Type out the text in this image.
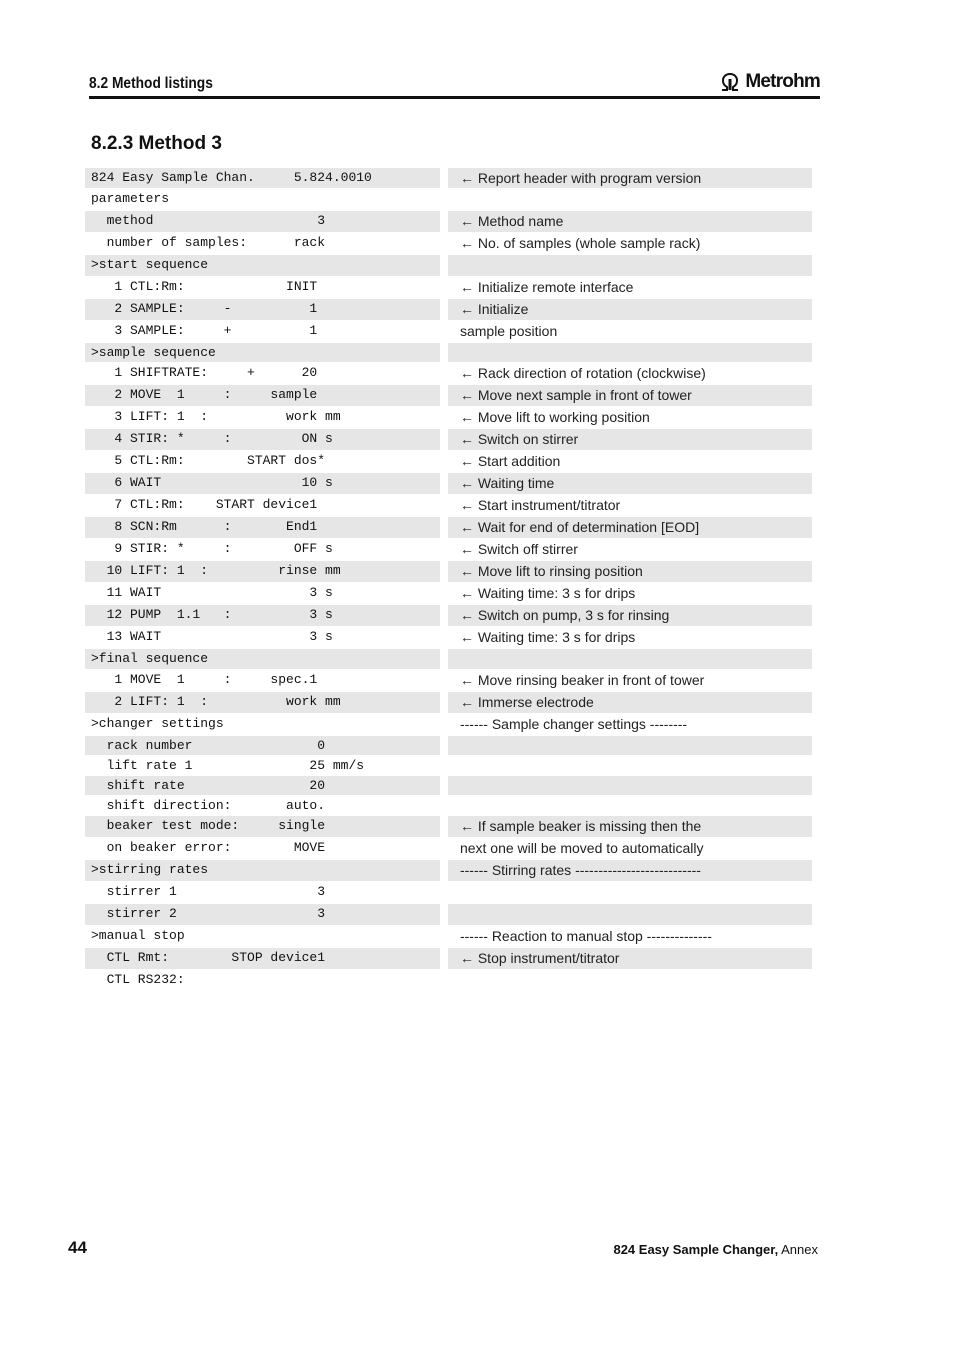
8.2 Method listings	Metrohm
8.2.3 Method 3
824 Easy Sample Chan.     5.824.0010	← Report header with program version
parameters
method                     3	← Method name
number of samples:      rack	← No. of samples (whole sample rack)
>start sequence
1 CTL:Rm:             INIT	← Initialize remote interface
2 SAMPLE:     -          1	← Initialize
3 SAMPLE:     +          1	sample position
>sample sequence
1 SHIFTRATE:     +      20	← Rack direction of rotation (clockwise)
2 MOVE  1     :     sample	← Move next sample in front of tower
3 LIFT: 1  :          work mm	← Move lift to working position
4 STIR: *     :         ON s	← Switch on stirrer
5 CTL:Rm:        START dos*	← Start addition
6 WAIT                  10 s	← Waiting time
7 CTL:Rm:    START device1	← Start instrument/titrator
8 SCN:Rm      :       End1	← Wait for end of determination [EOD]
9 STIR: *     :        OFF s	← Switch off stirrer
10 LIFT: 1  :         rinse mm	← Move lift to rinsing position
11 WAIT                   3 s	← Waiting time: 3 s for drips
12 PUMP  1.1   :          3 s	← Switch on pump, 3 s for rinsing
13 WAIT                   3 s	← Waiting time: 3 s for drips
>final sequence
1 MOVE  1     :     spec.1	← Move rinsing beaker in front of tower
2 LIFT: 1  :          work mm	← Immerse electrode
>changer settings	------ Sample changer settings --------
rack number                0
lift rate 1               25 mm/s
shift rate                20
shift direction:       auto.
beaker test mode:     single	← If sample beaker is missing then the
on beaker error:        MOVE	next one will be moved to automatically
>stirring rates	------ Stirring rates ---------------------------
stirrer 1                  3
stirrer 2                  3
>manual stop	------ Reaction to manual stop --------------
CTL Rmt:        STOP device1	← Stop instrument/titrator
CTL RS232:
44	824 Easy Sample Changer, Annex
